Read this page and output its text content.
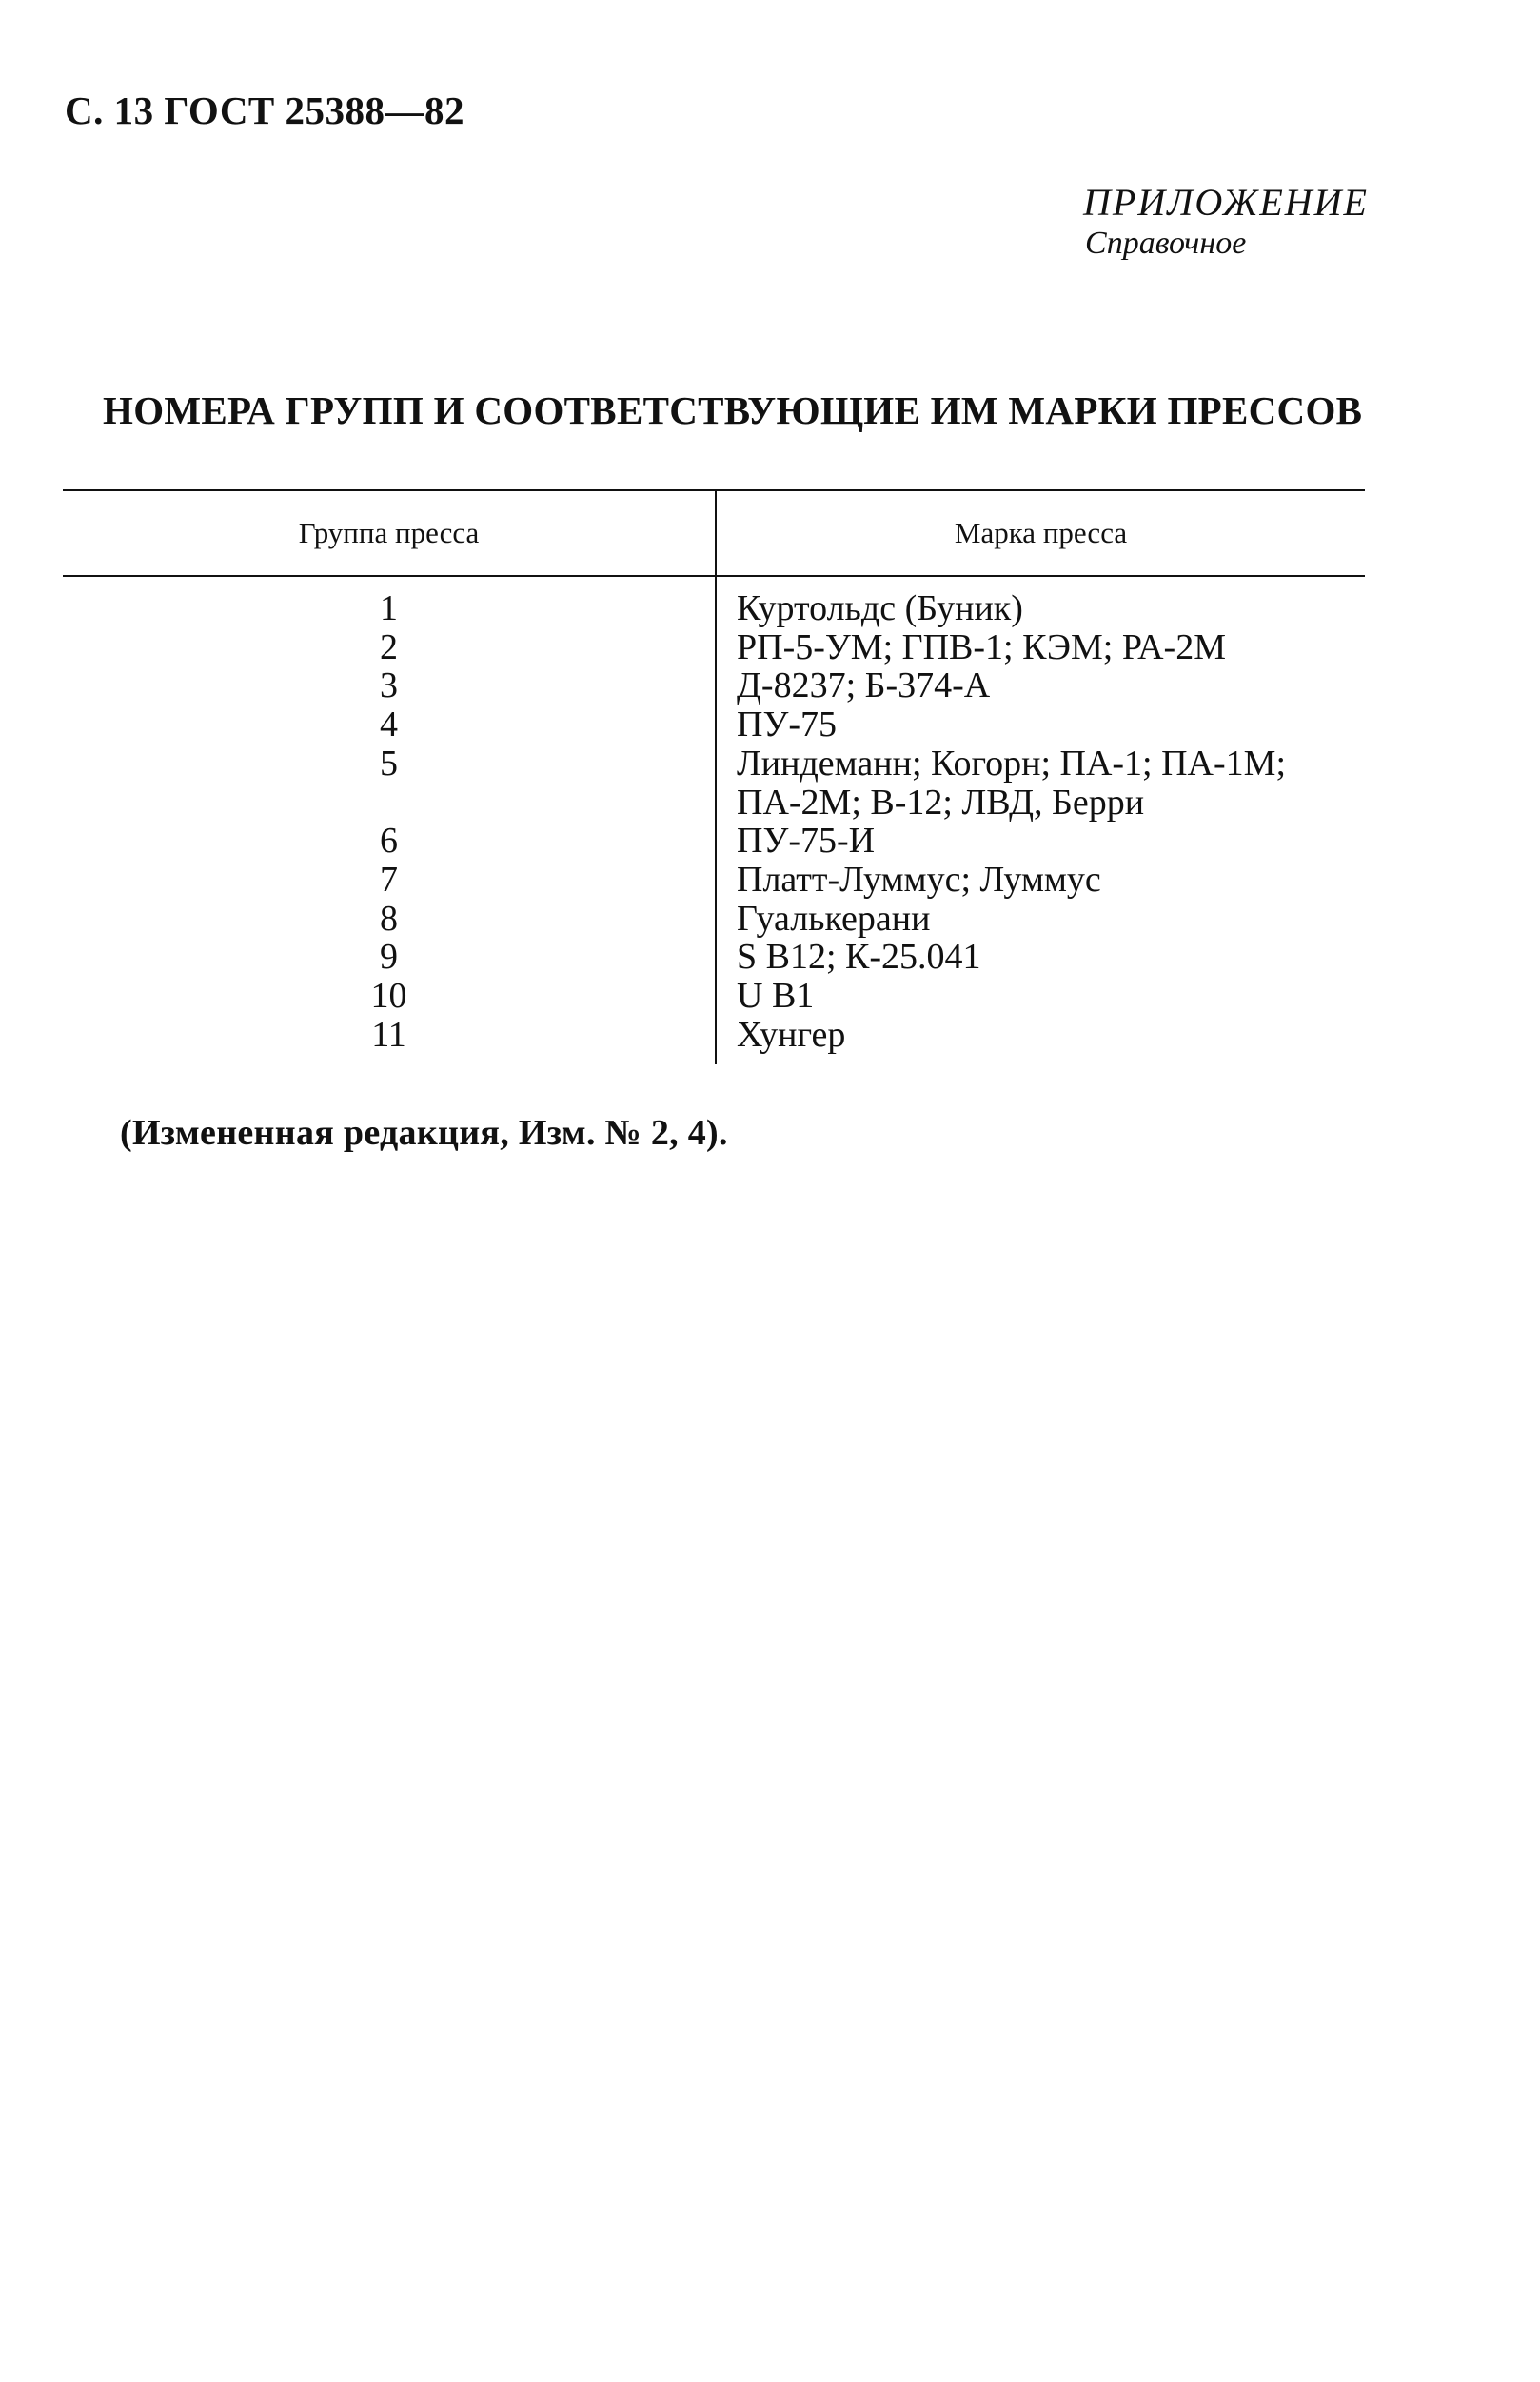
С. 13 ГОСТ 25388—82
ПРИЛОЖЕНИЕ
Справочное
НОМЕРА ГРУПП И СООТВЕТСТВУЮЩИЕ ИМ МАРКИ ПРЕССОВ
Группа пресса	Марка пресса
1	Куртольдс (Буник)
2	РП-5-УМ; ГПВ-1; КЭМ; РА-2М
3	Д-8237; Б-374-А
4	ПУ-75
5	Линдеманн; Когорн; ПА-1; ПА-1М;
ПА-2М; В-12; ЛВД, Берри
6	ПУ-75-И
7	Платт-Луммус; Луммус
8	Гуалькерани
9	S B12; К-25.041
10	U B1
11	Хунгер
(Измененная редакция, Изм. № 2, 4).
